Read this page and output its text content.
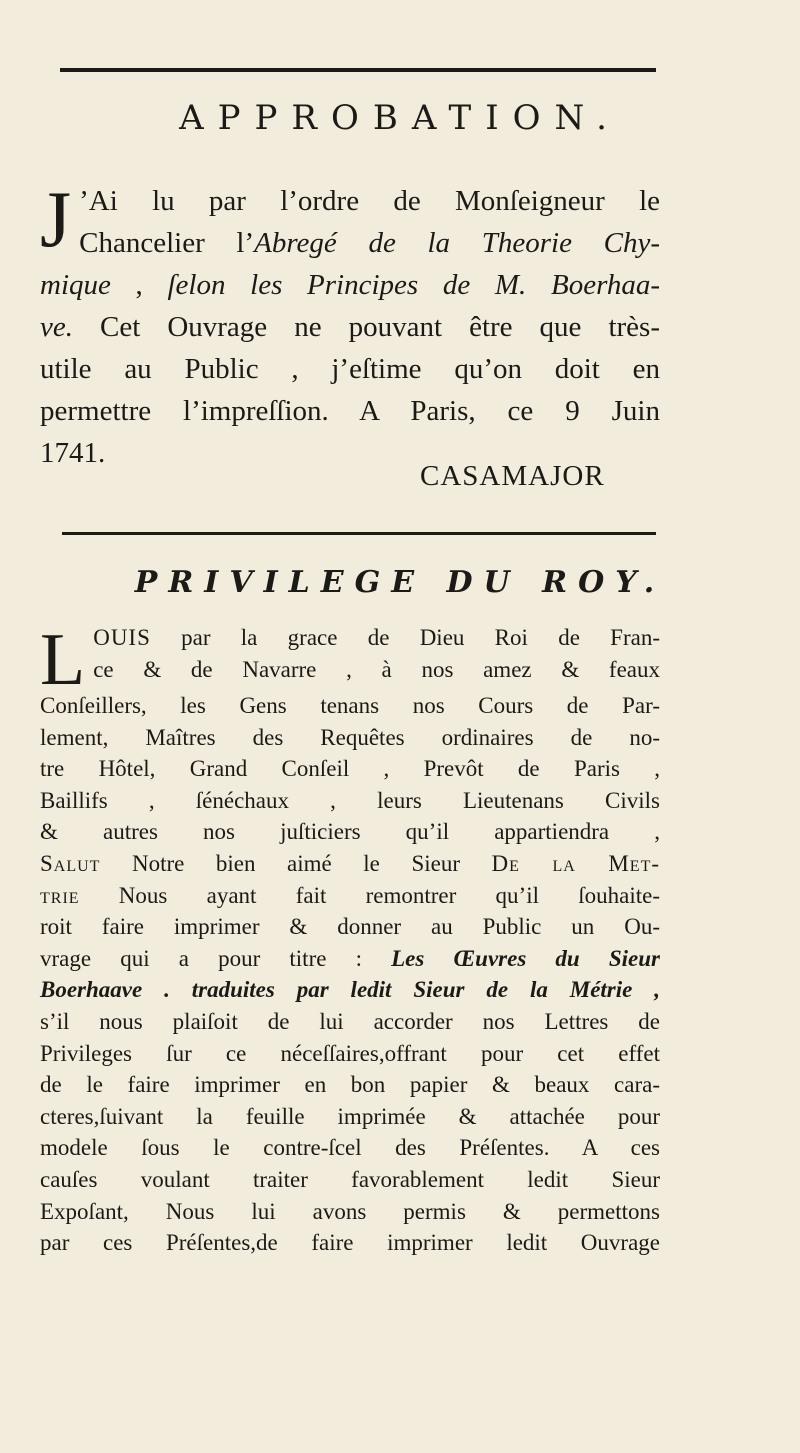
APPROBATION.
J ’Ai lu par l’ordre de Monſeigneur le
Chancelier l’Abregé de la Theorie Chy-
mique , ſelon les Principes de M. Boerhaa-
ve. Cet Ouvrage ne pouvant être que très-
utile au Public , j’eſtime qu’on doit en
permettre l’impreſſion. A Paris, ce 9 Juin
1741.
CASAMAJOR
PRIVILEGE DU ROY.
L OUIS par la grace de Dieu Roi de Fran-
ce & de Navarre , à nos amez & feaux
Conſeillers, les Gens tenans nos Cours de Par-
lement, Maîtres des Requêtes ordinaires de no-
tre Hôtel, Grand Conſeil , Prevôt de Paris ,
Baillifs , ſénéchaux , leurs Lieutenans Civils
& autres nos juſticiers qu’il appartiendra ,
Salut Notre bien aimé le Sieur De la Met-
trie Nous ayant fait remontrer qu’il ſouhaite-
roit faire imprimer & donner au Public un Ou-
vrage qui a pour titre : Les Œuvres du Sieur
Boerhaave . traduites par ledit Sieur de la Métrie ,
s’il nous plaiſoit de lui accorder nos Lettres de
Privileges ſur ce néceſſaires,offrant pour cet effet
de le faire imprimer en bon papier & beaux cara-
cteres,ſuivant la feuille imprimée & attachée pour
modele ſous le contre-ſcel des Préſentes. A ces
cauſes voulant traiter favorablement ledit Sieur
Expoſant, Nous lui avons permis & permettons
par ces Préſentes,de faire imprimer ledit Ouvrage
